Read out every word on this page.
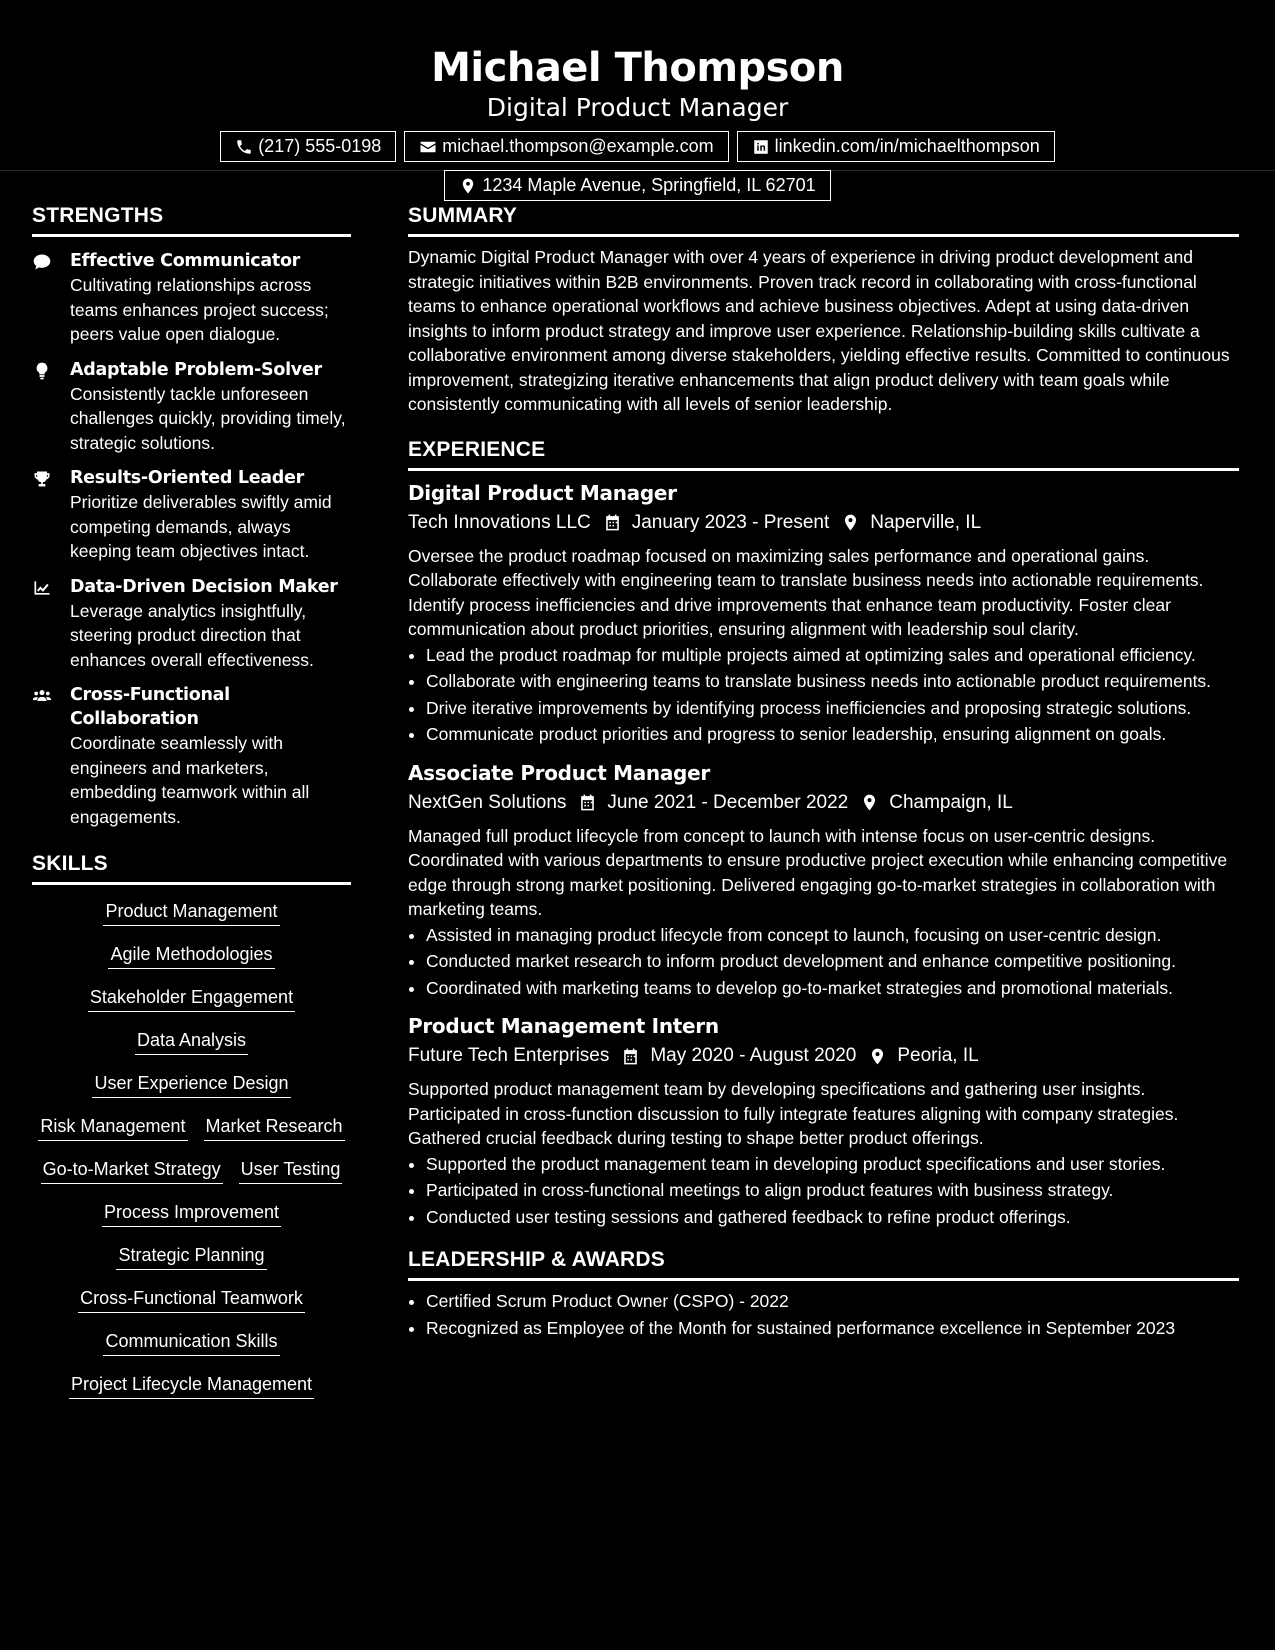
Michael Thompson
Digital Product Manager
(217) 555-0198	michael.thompson@example.com	linkedin.com/in/michaelthompson
1234 Maple Avenue, Springfield, IL 62701
STRENGTHS
Effective Communicator
Cultivating relationships across teams enhances project success; peers value open dialogue.
Adaptable Problem-Solver
Consistently tackle unforeseen challenges quickly, providing timely, strategic solutions.
Results-Oriented Leader
Prioritize deliverables swiftly amid competing demands, always keeping team objectives intact.
Data-Driven Decision Maker
Leverage analytics insightfully, steering product direction that enhances overall effectiveness.
Cross-Functional Collaboration
Coordinate seamlessly with engineers and marketers, embedding teamwork within all engagements.
SKILLS
Product Management
Agile Methodologies
Stakeholder Engagement
Data Analysis
User Experience Design
Risk Management Market Research
Go-to-Market Strategy User Testing
Process Improvement
Strategic Planning
Cross-Functional Teamwork
Communication Skills
Project Lifecycle Management
SUMMARY

Dynamic Digital Product Manager with over 4 years of experience in driving product development and strategic initiatives within B2B environments. Proven track record in collaborating with cross-functional teams to enhance operational workflows and achieve business objectives. Adept at using data-driven insights to inform product strategy and improve user experience. Relationship-building skills cultivate a collaborative environment among diverse stakeholders, yielding effective results. Committed to continuous improvement, strategizing iterative enhancements that align product delivery with team goals while consistently communicating with all levels of senior leadership.

EXPERIENCE
Digital Product Manager
Tech Innovations LLC January 2023 - Present Naperville, IL
Oversee the product roadmap focused on maximizing sales performance and operational gains. Collaborate effectively with engineering team to translate business needs into actionable requirements. Identify process inefficiencies and drive improvements that enhance team productivity. Foster clear communication about product priorities, ensuring alignment with leadership soul clarity.
• Lead the product roadmap for multiple projects aimed at optimizing sales and operational efficiency.
• Collaborate with engineering teams to translate business needs into actionable product requirements.
• Drive iterative improvements by identifying process inefficiencies and proposing strategic solutions.
• Communicate product priorities and progress to senior leadership, ensuring alignment on goals.
Associate Product Manager
NextGen Solutions June 2021 - December 2022 Champaign, IL
Managed full product lifecycle from concept to launch with intense focus on user-centric designs. Coordinated with various departments to ensure productive project execution while enhancing competitive edge through strong market positioning. Delivered engaging go-to-market strategies in collaboration with marketing teams.
• Assisted in managing product lifecycle from concept to launch, focusing on user-centric design.
• Conducted market research to inform product development and enhance competitive positioning.
• Coordinated with marketing teams to develop go-to-market strategies and promotional materials.
Product Management Intern
Future Tech Enterprises May 2020 - August 2020 Peoria, IL
Supported product management team by developing specifications and gathering user insights. Participated in cross-function discussion to fully integrate features aligning with company strategies. Gathered crucial feedback during testing to shape better product offerings.
• Supported the product management team in developing product specifications and user stories.
• Participated in cross-functional meetings to align product features with business strategy.
• Conducted user testing sessions and gathered feedback to refine product offerings.
LEADERSHIP & AWARDS
• Certified Scrum Product Owner (CSPO) - 2022
• Recognized as Employee of the Month for sustained performance excellence in September 2023
